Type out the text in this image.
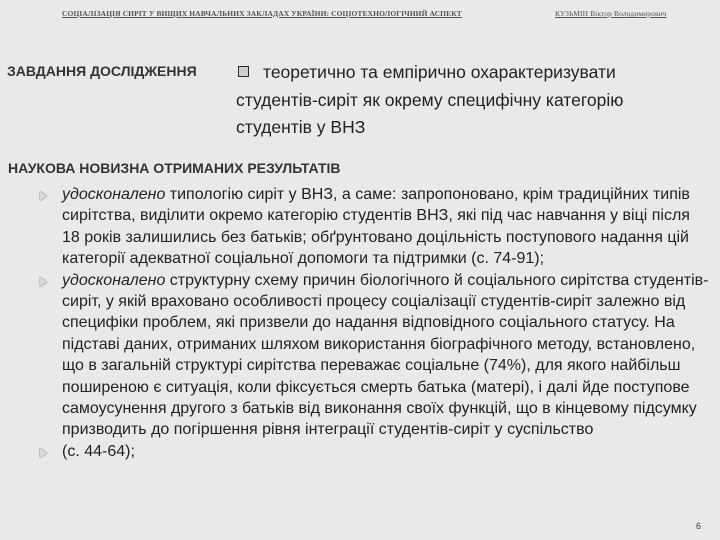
СОЦІАЛІЗАЦІЯ СИРІТ У ВИЩИХ НАВЧАЛЬНИХ ЗАКЛАДАХ УКРАЇНИ: СОЦІОТЕХНОЛОГІЧНИЙ АСПЕКТ	КУЗЬМІН Віктор Володимирович
ЗАВДАННЯ ДОСЛІДЖЕННЯ	теоретично та емпірично охарактеризувати
студентів-сиріт як окрему специфічну категорію
студентів у ВНЗ
НАУКОВА НОВИЗНА ОТРИМАНИХ РЕЗУЛЬТАТІВ
удосконалено типологію сиріт у ВНЗ, а саме: запропоновано, крім традиційних типів сирітства, виділити окремо категорію студентів ВНЗ, які під час навчання у віці після 18 років залишились без батьків; обґрунтовано доцільність поступового надання цій категорії адекватної соціальної допомоги та підтримки (с. 74-91);
удосконалено структурну схему причин біологічного й соціального сирітства студентів-сиріт, у якій враховано особливості процесу соціалізації студентів-сиріт залежно від специфіки проблем, які призвели до надання відповідного соціального статусу. На підставі даних, отриманих шляхом використання біографічного методу, встановлено, що в загальній структурі сирітства переважає соціальне (74%), для якого найбільш поширеною є ситуація, коли фіксується смерть батька (матері), і далі йде поступове самоусунення другого з батьків від виконання своїх функцій, що в кінцевому підсумку призводить до погіршення рівня інтеграції студентів-сиріт у суспільство
(с. 44-64);
6
